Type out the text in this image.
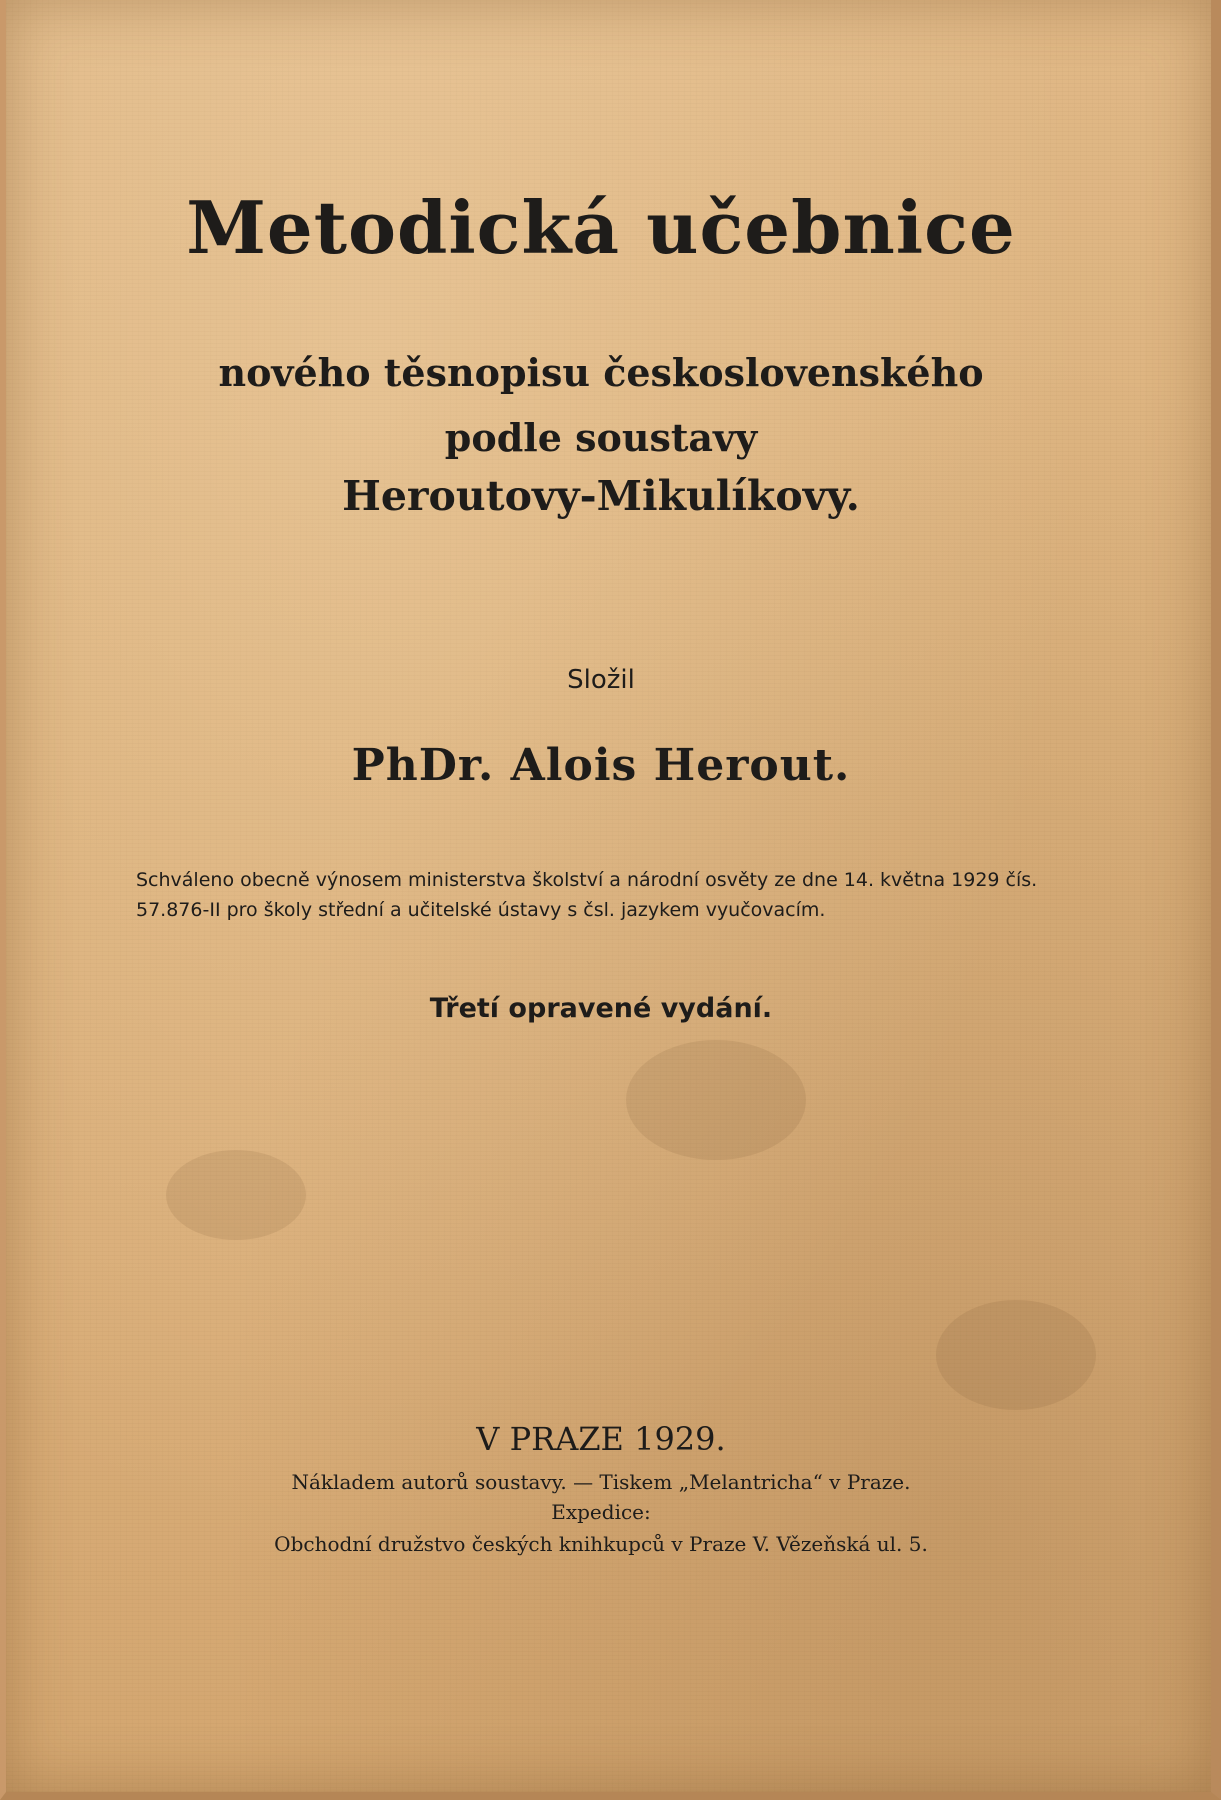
Metodická učebnice
nového těsnopisu československého
podle soustavy
Heroutovy-Mikulíkovy.
Složil
PhDr. Alois Herout.
Schváleno obecně výnosem ministerstva školství a národní osvěty ze dne 14. května 1929 čís. 57.876-II pro školy střední a učitelské ústavy s čsl. jazykem vyučovacím.
Třetí opravené vydání.
V PRAZE 1929.
Nákladem autorů soustavy. — Tiskem „Melantricha“ v Praze.
Expedice:
Obchodní družstvo českých knihkupců v Praze V. Vězeňská ul. 5.
